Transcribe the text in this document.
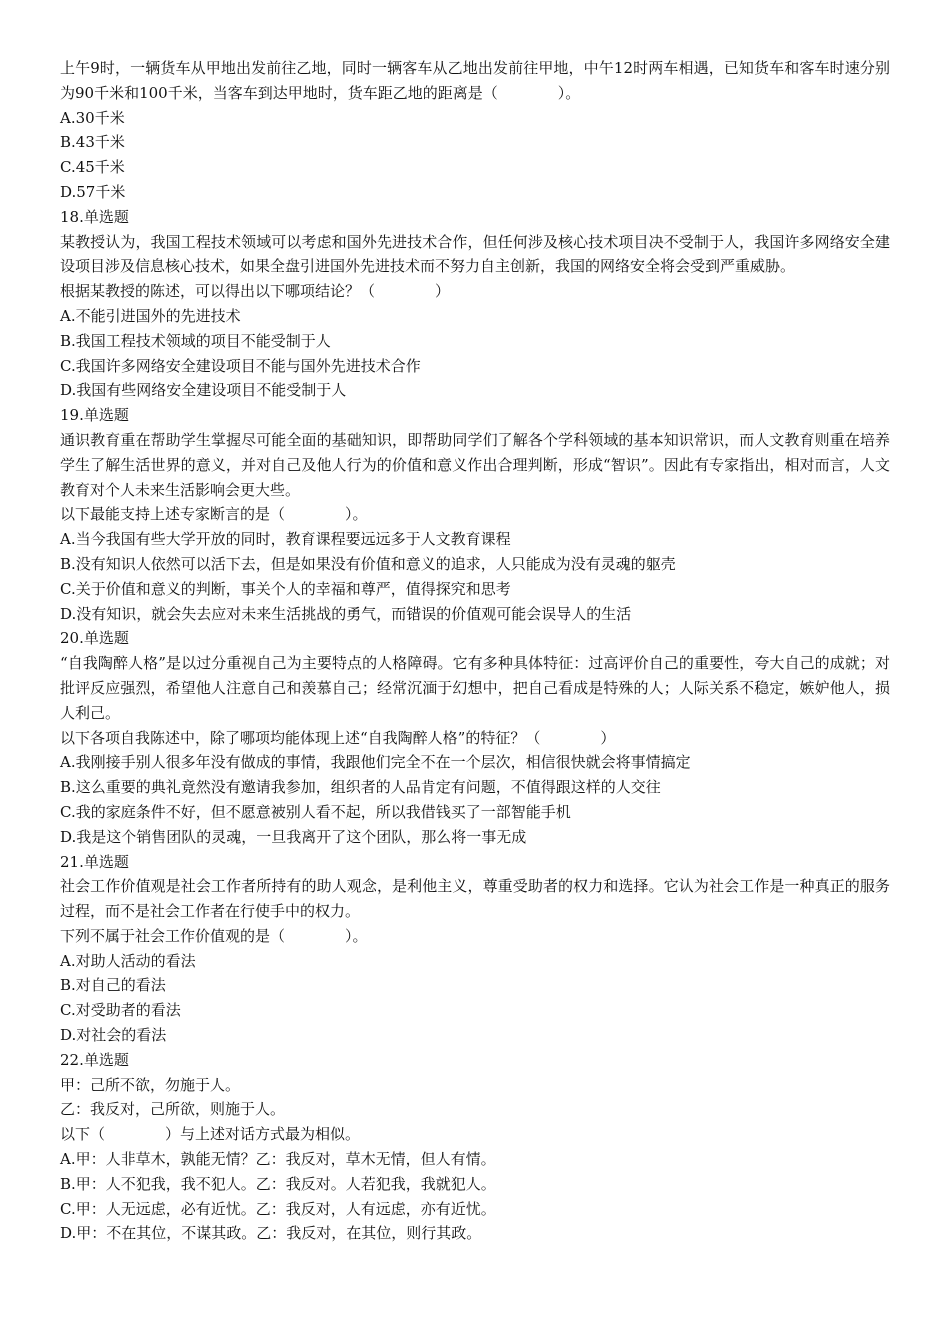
上午9时，一辆货车从甲地出发前往乙地，同时一辆客车从乙地出发前往甲地，中午12时两车相遇，已知货车和客车时速分别为90千米和100千米，当客车到达甲地时，货车距乙地的距离是（　　　　）。

A.30千米

B.43千米

C.45千米

D.57千米

18.单选题

某教授认为，我国工程技术领域可以考虑和国外先进技术合作，但任何涉及核心技术项目决不受制于人，我国许多网络安全建设项目涉及信息核心技术，如果全盘引进国外先进技术而不努力自主创新，我国的网络安全将会受到严重威胁。

根据某教授的陈述，可以得出以下哪项结论？（　　　　）

A.不能引进国外的先进技术

B.我国工程技术领域的项目不能受制于人

C.我国许多网络安全建设项目不能与国外先进技术合作

D.我国有些网络安全建设项目不能受制于人

19.单选题

通识教育重在帮助学生掌握尽可能全面的基础知识，即帮助同学们了解各个学科领域的基本知识常识，而人文教育则重在培养学生了解生活世界的意义，并对自己及他人行为的价值和意义作出合理判断，形成“智识”。因此有专家指出，相对而言，人文教育对个人未来生活影响会更大些。

以下最能支持上述专家断言的是（　　　　）。

A.当今我国有些大学开放的同时，教育课程要远远多于人文教育课程

B.没有知识人依然可以活下去，但是如果没有价值和意义的追求，人只能成为没有灵魂的躯壳

C.关于价值和意义的判断，事关个人的幸福和尊严，值得探究和思考

D.没有知识，就会失去应对未来生活挑战的勇气，而错误的价值观可能会误导人的生活

20.单选题

“自我陶醉人格”是以过分重视自己为主要特点的人格障碍。它有多种具体特征：过高评价自己的重要性，夸大自己的成就；对批评反应强烈，希望他人注意自己和羡慕自己；经常沉湎于幻想中，把自己看成是特殊的人；人际关系不稳定，嫉妒他人，损人利己。

以下各项自我陈述中，除了哪项均能体现上述“自我陶醉人格”的特征？（　　　　）

A.我刚接手别人很多年没有做成的事情，我跟他们完全不在一个层次，相信很快就会将事情搞定

B.这么重要的典礼竟然没有邀请我参加，组织者的人品肯定有问题，不值得跟这样的人交往

C.我的家庭条件不好，但不愿意被别人看不起，所以我借钱买了一部智能手机

D.我是这个销售团队的灵魂，一旦我离开了这个团队，那么将一事无成

21.单选题

社会工作价值观是社会工作者所持有的助人观念，是利他主义，尊重受助者的权力和选择。它认为社会工作是一种真正的服务过程，而不是社会工作者在行使手中的权力。

下列不属于社会工作价值观的是（　　　　）。

A.对助人活动的看法

B.对自己的看法

C.对受助者的看法

D.对社会的看法

22.单选题

甲：己所不欲，勿施于人。

乙：我反对，己所欲，则施于人。

以下（　　　　）与上述对话方式最为相似。

A.甲：人非草木，孰能无情？乙：我反对，草木无情，但人有情。

B.甲：人不犯我，我不犯人。乙：我反对。人若犯我，我就犯人。

C.甲：人无远虑，必有近忧。乙：我反对，人有远虑，亦有近忧。

D.甲：不在其位，不谋其政。乙：我反对，在其位，则行其政。
